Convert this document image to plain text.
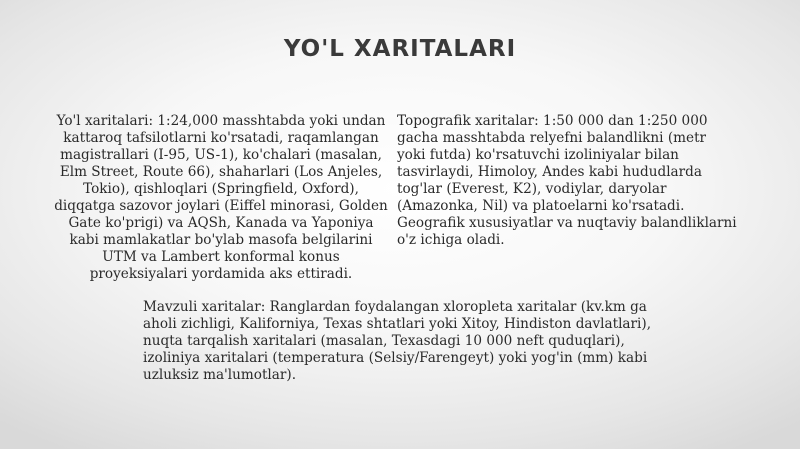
YO'L XARITALARI
Yo'l xaritalari: 1:24,000 masshtabda yoki undan kattaroq tafsilotlarni ko'rsatadi, raqamlangan magistrallari (I-95, US-1), ko'chalari (masalan, Elm Street, Route 66), shaharlari (Los Anjeles, Tokio), qishloqlari (Springfield, Oxford), diqqatga sazovor joylari (Eiffel minorasi, Golden Gate ko'prigi) va AQSh, Kanada va Yaponiya kabi mamlakatlar bo'ylab masofa belgilarini UTM va Lambert konformal konus proyeksiyalari yordamida aks ettiradi.
Topografik xaritalar: 1:50 000 dan 1:250 000 gacha masshtabda relyefni balandlikni (metr yoki futda) ko'rsatuvchi izoliniyalar bilan tasvirlaydi, Himoloy, Andes kabi hududlarda tog'lar (Everest, K2), vodiylar, daryolar (Amazonka, Nil) va platoelarni ko'rsatadi. Geografik xususiyatlar va nuqtaviy balandliklarni o'z ichiga oladi.
Mavzuli xaritalar: Ranglardan foydalangan xloropleta xaritalar (kv.km ga aholi zichligi, Kaliforniya, Texas shtatlari yoki Xitoy, Hindiston davlatlari), nuqta tarqalish xaritalari (masalan, Texasdagi 10 000 neft quduqlari), izoliniya xaritalari (temperatura (Selsiy/Farengeyt) yoki yog'in (mm) kabi uzluksiz ma'lumotlar).
